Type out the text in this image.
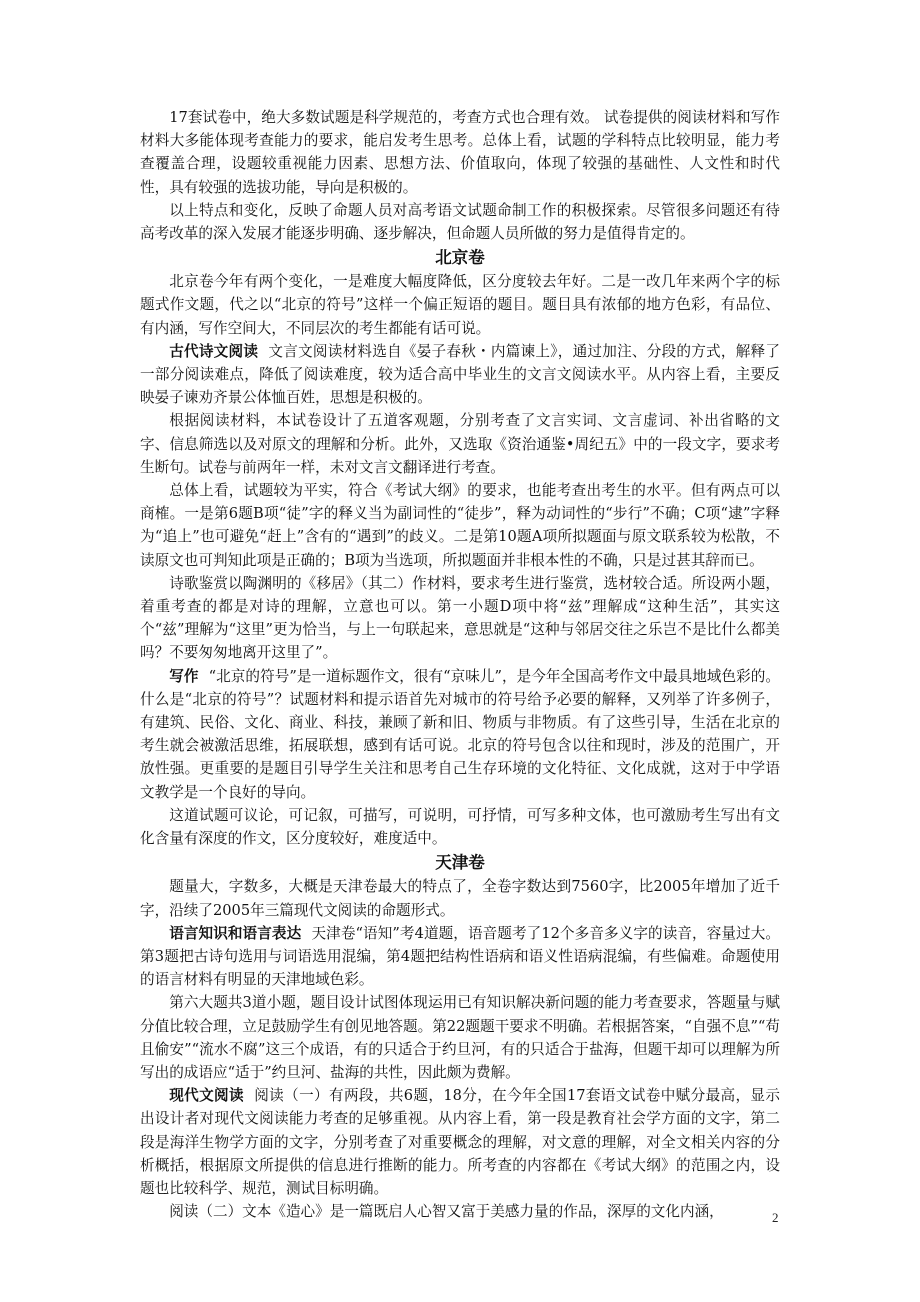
17套试卷中，绝大多数试题是科学规范的，考查方式也合理有效。 试卷提供的阅读材料和写作材料大多能体现考查能力的要求，能启发考生思考。总体上看，试题的学科特点比较明显，能力考查覆盖合理，设题较重视能力因素、思想方法、价值取向，体现了较强的基础性、人文性和时代性，具有较强的选拔功能，导向是积极的。

以上特点和变化，反映了命题人员对高考语文试题命制工作的积极探索。尽管很多问题还有待高考改革的深入发展才能逐步明确、逐步解决，但命题人员所做的努力是值得肯定的。

北京卷

北京卷今年有两个变化，一是难度大幅度降低，区分度较去年好。二是一改几年来两个字的标题式作文题，代之以“北京的符号”这样一个偏正短语的题目。题目具有浓郁的地方色彩，有品位、有内涵，写作空间大，不同层次的考生都能有话可说。

古代诗文阅读 文言文阅读材料选自《晏子春秋・内篇谏上》，通过加注、分段的方式，解释了一部分阅读难点，降低了阅读难度，较为适合高中毕业生的文言文阅读水平。从内容上看，主要反映晏子谏劝齐景公体恤百姓，思想是积极的。

根据阅读材料，本试卷设计了五道客观题，分别考查了文言实词、文言虚词、补出省略的文字、信息筛选以及对原文的理解和分析。此外，又选取《资治通鉴•周纪五》中的一段文字，要求考生断句。试卷与前两年一样，未对文言文翻译进行考查。

总体上看，试题较为平实，符合《考试大纲》的要求，也能考查出考生的水平。但有两点可以商榷。一是第6题B项“徒”字的释义当为副词性的“徒步”，释为动词性的“步行”不确；C项“逮”字释为“追上”也可避免“赶上”含有的“遇到”的歧义。二是第10题A项所拟题面与原文联系较为松散，不读原文也可判知此项是正确的；B项为当选项，所拟题面并非根本性的不确，只是过甚其辞而已。

诗歌鉴赏以陶渊明的《移居》（其二）作材料，要求考生进行鉴赏，选材较合适。所设两小题，着重考查的都是对诗的理解，立意也可以。第一小题D项中将“兹”理解成“这种生活”，其实这个“兹”理解为“这里”更为恰当，与上一句联起来，意思就是“这种与邻居交往之乐岂不是比什么都美吗？不要匆匆地离开这里了”。

写作 “北京的符号”是一道标题作文，很有“京味儿”，是今年全国高考作文中最具地域色彩的。什么是“北京的符号”？试题材料和提示语首先对城市的符号给予必要的解释，又列举了许多例子，有建筑、民俗、文化、商业、科技，兼顾了新和旧、物质与非物质。有了这些引导，生活在北京的考生就会被激活思维，拓展联想，感到有话可说。北京的符号包含以往和现时，涉及的范围广，开放性强。更重要的是题目引导学生关注和思考自己生存环境的文化特征、文化成就，这对于中学语文教学是一个良好的导向。

这道试题可议论，可记叙，可描写，可说明，可抒情，可写多种文体，也可激励考生写出有文化含量有深度的作文，区分度较好，难度适中。

天津卷

题量大，字数多，大概是天津卷最大的特点了，全卷字数达到7560字，比2005年增加了近千字，沿续了2005年三篇现代文阅读的命题形式。

语言知识和语言表达 天津卷“语知”考4道题，语音题考了12个多音多义字的读音，容量过大。第3题把古诗句选用与词语选用混编，第4题把结构性语病和语义性语病混编，有些偏难。命题使用的语言材料有明显的天津地域色彩。

第六大题共3道小题，题目设计试图体现运用已有知识解决新问题的能力考查要求，答题量与赋分值比较合理，立足鼓励学生有创见地答题。第22题题干要求不明确。若根据答案，“自强不息”“苟且偷安”“流水不腐”这三个成语，有的只适合于约旦河，有的只适合于盐海，但题干却可以理解为所写出的成语应“适于”约旦河、盐海的共性，因此颇为费解。

现代文阅读 阅读（一）有两段，共6题，18分，在今年全国17套语文试卷中赋分最高，显示出设计者对现代文阅读能力考查的足够重视。从内容上看，第一段是教育社会学方面的文字，第二段是海洋生物学方面的文字，分别考查了对重要概念的理解，对文意的理解，对全文相关内容的分析概括，根据原文所提供的信息进行推断的能力。所考查的内容都在《考试大纲》的范围之内，设题也比较科学、规范，测试目标明确。

阅读（二）文本《造心》是一篇既启人心智又富于美感力量的作品，深厚的文化内涵，	2
